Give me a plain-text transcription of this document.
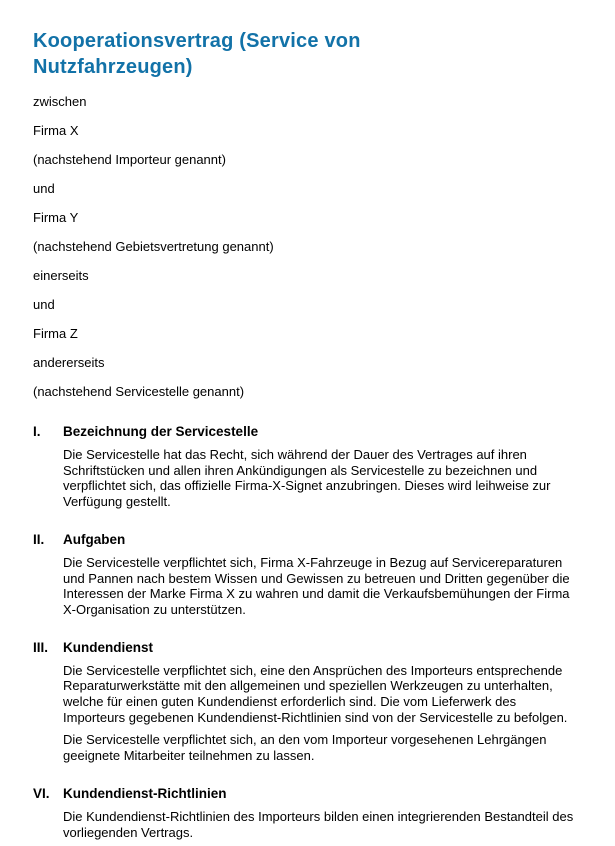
Kooperationsvertrag (Service von Nutzfahrzeugen)

zwischen

Firma X

(nachstehend Importeur genannt)

und

Firma Y

(nachstehend Gebietsvertretung genannt)

einerseits

und

Firma Z

andererseits

(nachstehend Servicestelle genannt)

I.	Bezeichnung der Servicestelle

Die Servicestelle hat das Recht, sich während der Dauer des Vertrages auf ihren Schriftstücken und allen ihren Ankündigungen als Servicestelle zu bezeichnen und verpflichtet sich, das offizielle Firma-X-Signet anzubringen. Dieses wird leihweise zur Verfügung gestellt.

II.	Aufgaben

Die Servicestelle verpflichtet sich, Firma X-Fahrzeuge in Bezug auf Servicereparaturen und Pannen nach bestem Wissen und Gewissen zu betreuen und Dritten gegenüber die Interessen der Marke Firma X zu wahren und damit die Verkaufsbemühungen der Firma X-Organisation zu unterstützen.

III.	Kundendienst

Die Servicestelle verpflichtet sich, eine den Ansprüchen des Importeurs entsprechende Reparaturwerkstätte mit den allgemeinen und speziellen Werkzeugen zu unterhalten, welche für einen guten Kundendienst erforderlich sind. Die vom Lieferwerk des Importeurs gegebenen Kundendienst-Richtlinien sind von der Servicestelle zu befolgen.

Die Servicestelle verpflichtet sich, an den vom Importeur vorgesehenen Lehrgängen geeignete Mitarbeiter teilnehmen zu lassen.

VI. Kundendienst-Richtlinien

Die Kundendienst-Richtlinien des Importeurs bilden einen integrierenden Bestandteil des vorliegenden Vertrags.
